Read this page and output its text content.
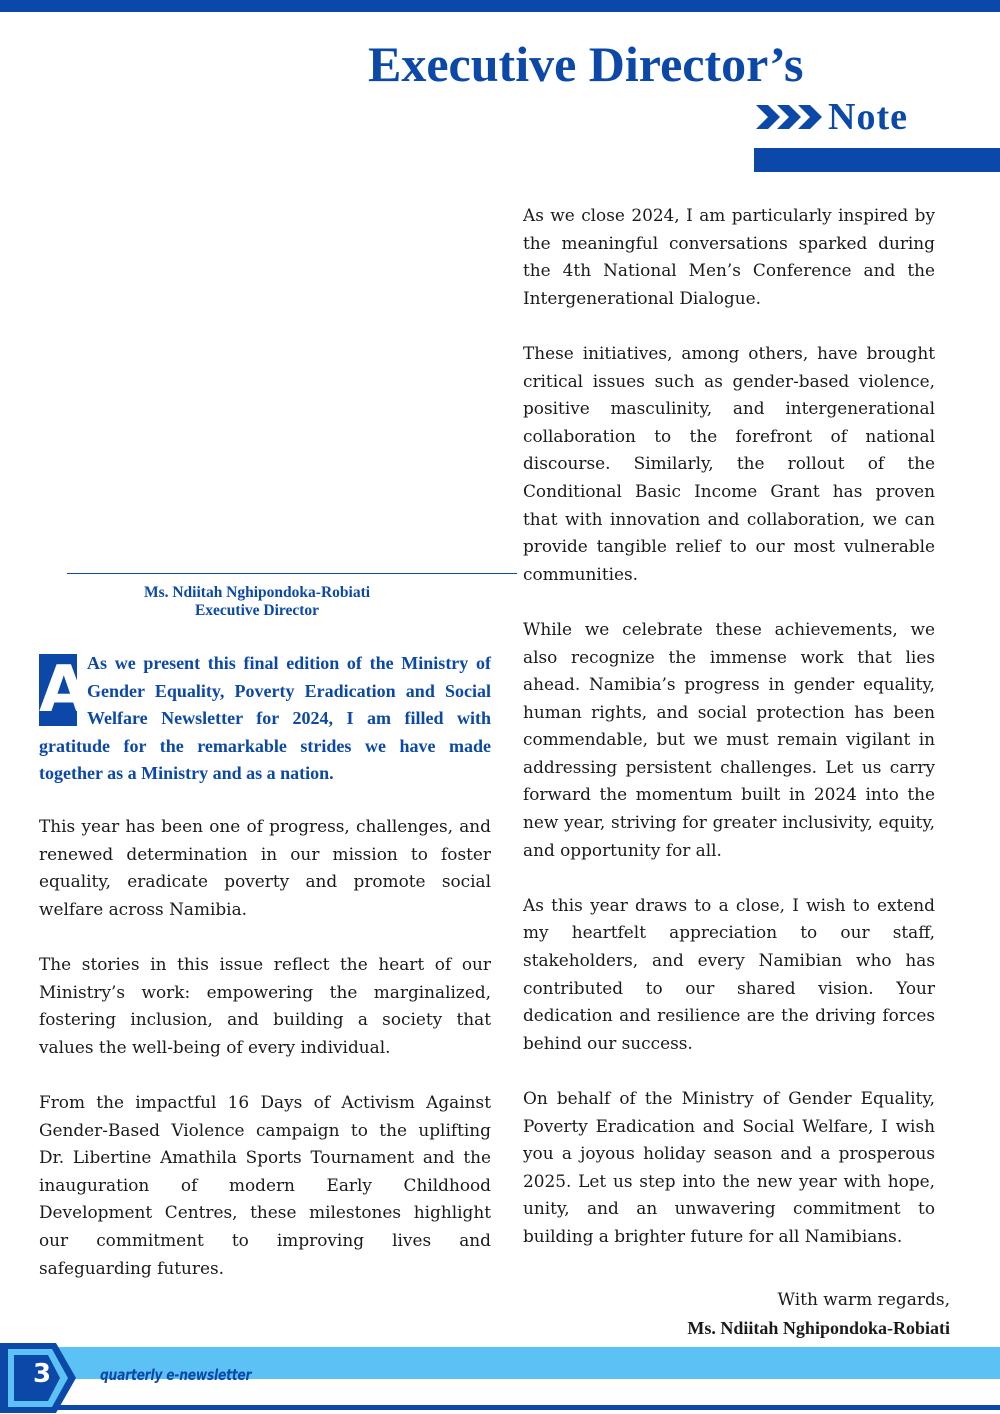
Executive Director’s
Note
Ms. Ndiitah Nghipondoka-Robiati
Executive Director

A
As we present this final edition of the Ministry of Gender Equality, Poverty Eradication and Social Welfare Newsletter for 2024, I am filled with gratitude for the remarkable strides we have made together as a Ministry and as a nation.

This year has been one of progress, challenges, and renewed determination in our mission to foster equality, eradicate poverty and promote social welfare across Namibia.

The stories in this issue reflect the heart of our Ministry’s work: empowering the marginalized, fostering inclusion, and building a society that values the well-being of every individual.

From the impactful 16 Days of Activism Against Gender-Based Violence campaign to the uplifting Dr. Libertine Amathila Sports Tournament and the inauguration of modern Early Childhood Development Centres, these milestones highlight our commitment to improving lives and safeguarding futures.

As we close 2024, I am particularly inspired by the meaningful conversations sparked during the 4th National Men’s Conference and the Intergenerational Dialogue.

These initiatives, among others, have brought critical issues such as gender-based violence, positive masculinity, and intergenerational collaboration to the forefront of national discourse. Similarly, the rollout of the Conditional Basic Income Grant has proven that with innovation and collaboration, we can provide tangible relief to our most vulnerable communities.

While we celebrate these achievements, we also recognize the immense work that lies ahead. Namibia’s progress in gender equality, human rights, and social protection has been commendable, but we must remain vigilant in addressing persistent challenges. Let us carry forward the momentum built in 2024 into the new year, striving for greater inclusivity, equity, and opportunity for all.

As this year draws to a close, I wish to extend my heartfelt appreciation to our staff, stakeholders, and every Namibian who has contributed to our shared vision. Your dedication and resilience are the driving forces behind our success.

On behalf of the Ministry of Gender Equality, Poverty Eradication and Social Welfare, I wish you a joyous holiday season and a prosperous 2025. Let us step into the new year with hope, unity, and an unwavering commitment to building a brighter future for all Namibians.

With warm regards,

Ms. Ndiitah Nghipondoka-Robiati

3	quarterly e-newsletter
